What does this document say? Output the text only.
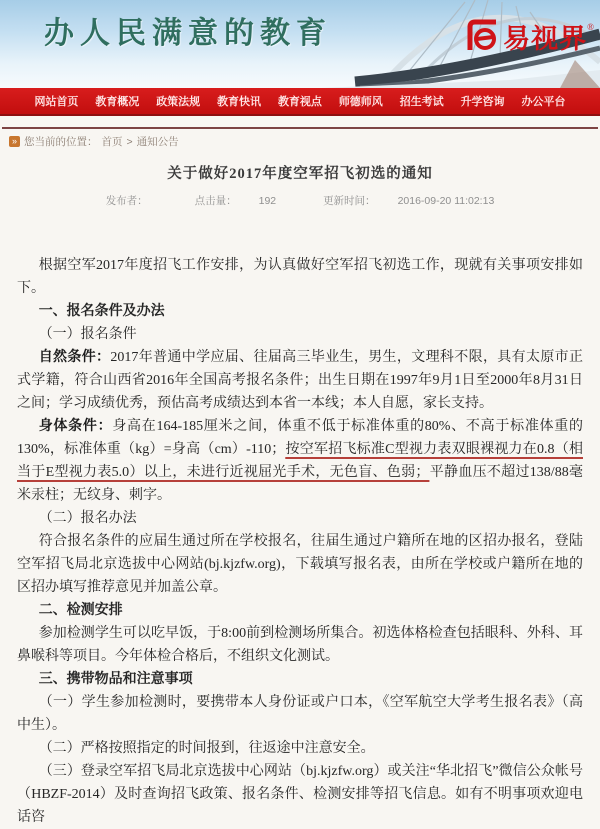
办人民满意的教育	易视界 ®
网站首页 教育概况 政策法规 教育快讯 教育视点 师德师风 招生考试 升学咨询 办公平台
» 您当前的位置： 首页 > 通知公告
关于做好2017年度空军招飞初选的通知
发布者：	点击量： 192	更新时间： 2016-09-20 11:02:13

根据空军2017年度招飞工作安排，为认真做好空军招飞初选工作，现就有关事项安排如下。

一、报名条件及办法

（一）报名条件

自然条件：2017年普通中学应届、往届高三毕业生，男生，文理科不限，具有太原市正式学籍，符合山西省2016年全国高考报名条件；出生日期在1997年9月1日至2000年8月31日之间；学习成绩优秀，预估高考成绩达到本省一本线；本人自愿，家长支持。

身体条件：身高在164-185厘米之间，体重不低于标准体重的80%、不高于标准体重的130%，标准体重（kg）=身高（cm）-110；按空军招飞标准C型视力表双眼裸视力在0.8（相当于E型视力表5.0）以上，未进行近视屈光手术，无色盲、色弱；平静血压不超过138/88毫米汞柱；无纹身、刺字。

（二）报名办法

符合报名条件的应届生通过所在学校报名，往届生通过户籍所在地的区招办报名，登陆空军招飞局北京选拔中心网站(bj.kjzfw.org)，下载填写报名表，由所在学校或户籍所在地的区招办填写推荐意见并加盖公章。

二、检测安排

参加检测学生可以吃早饭，于8:00前到检测场所集合。初选体格检查包括眼科、外科、耳鼻喉科等项目。今年体检合格后，不组织文化测试。

三、携带物品和注意事项

（一）学生参加检测时，要携带本人身份证或户口本，《空军航空大学考生报名表》（高中生）。

（二）严格按照指定的时间报到，往返途中注意安全。

（三）登录空军招飞局北京选拔中心网站（bj.kjzfw.org）或关注“华北招飞”微信公众帐号（HBZF-2014）及时查询招飞政策、报名条件、检测安排等招飞信息。如有不明事项欢迎电话咨
